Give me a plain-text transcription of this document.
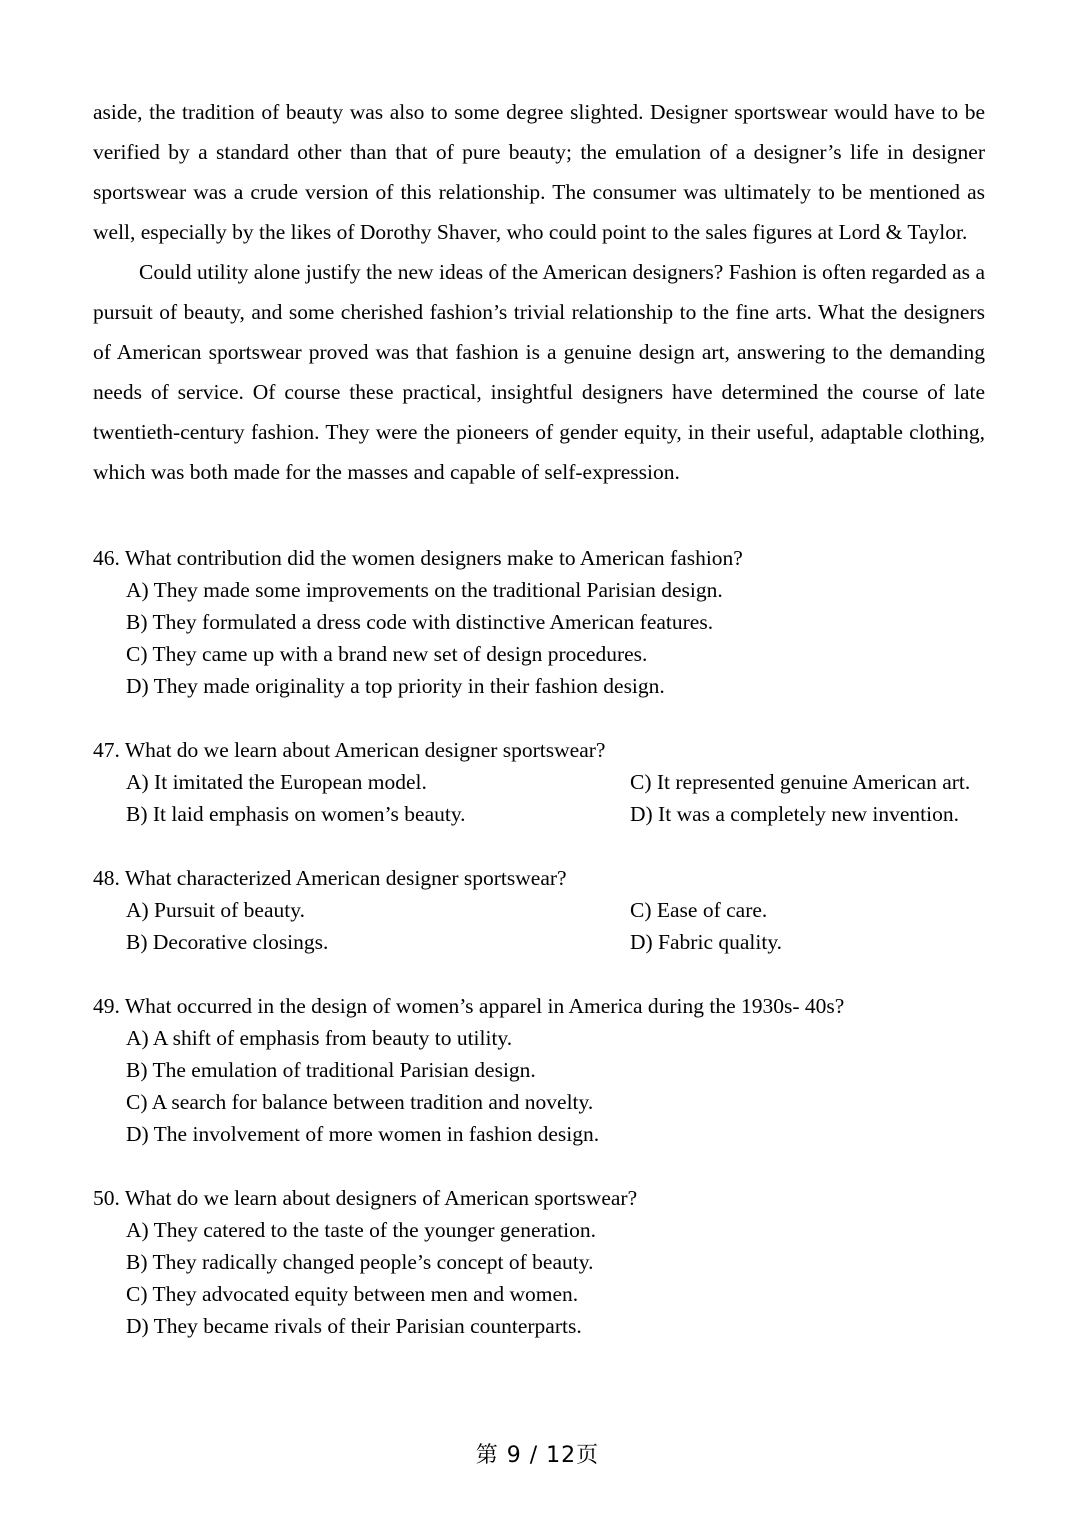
aside, the tradition of beauty was also to some degree slighted. Designer sportswear would have to be verified by a standard other than that of pure beauty; the emulation of a designer’s life in designer sportswear was a crude version of this relationship. The consumer was ultimately to be mentioned as well, especially by the likes of Dorothy Shaver, who could point to the sales figures at Lord & Taylor.

Could utility alone justify the new ideas of the American designers? Fashion is often regarded as a pursuit of beauty, and some cherished fashion’s trivial relationship to the fine arts. What the designers of American sportswear proved was that fashion is a genuine design art, answering to the demanding needs of service. Of course these practical, insightful designers have determined the course of late twentieth-century fashion. They were the pioneers of gender equity, in their useful, adaptable clothing, which was both made for the masses and capable of self-expression.

46. What contribution did the women designers make to American fashion?

A) They made some improvements on the traditional Parisian design.
B) They formulated a dress code with distinctive American features.
C) They came up with a brand new set of design procedures.
D) They made originality a top priority in their fashion design.

47. What do we learn about American designer sportswear?

A) It imitated the European model.	C) It represented genuine American art.
B) It laid emphasis on women’s beauty.	D) It was a completely new invention.

48. What characterized American designer sportswear?

A) Pursuit of beauty.	C) Ease of care.
B) Decorative closings.	D) Fabric quality.

49. What occurred in the design of women’s apparel in America during the 1930s- 40s?

A) A shift of emphasis from beauty to utility.
B) The emulation of traditional Parisian design.
C) A search for balance between tradition and novelty.
D) The involvement of more women in fashion design.

50. What do we learn about designers of American sportswear?

A) They catered to the taste of the younger generation.
B) They radically changed people’s concept of beauty.
C) They advocated equity between men and women.
D) They became rivals of their Parisian counterparts.
第 9 / 12页
